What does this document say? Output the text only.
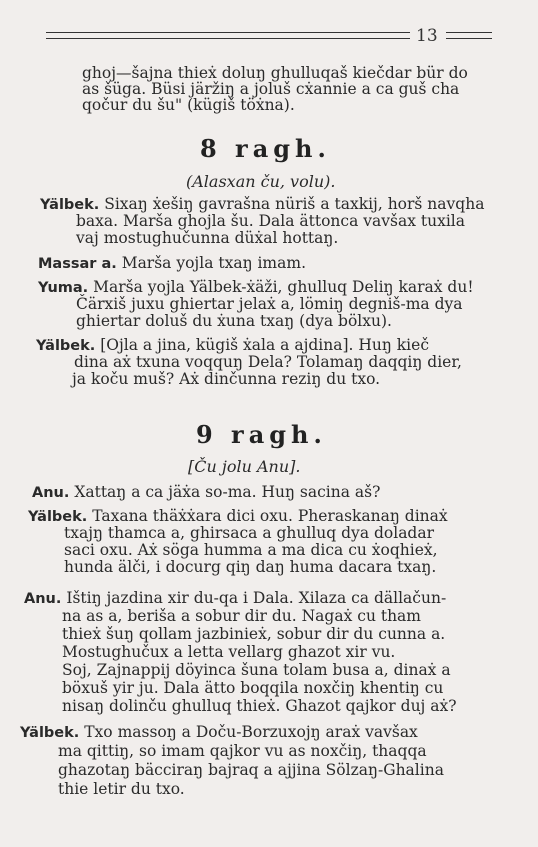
13
ghoj—šajna thieẋ doluŋ ghulluqaš kiečdar bür do
as šüga. Büsi järžiŋ a joluš cẋannie a ca guš cha
qočur du šu" (kügiš töẋna).
8 ragh.
(Alasxan ču, volu).
Yälbek. Sixaŋ ẋešiŋ gavrašna nüriš a taxkij, horš navqha
baxa. Marša ghojla šu. Dala ättonca vavšax tuxila
vaj mostughučunna düẋal hottaŋ.
Massar a. Marša yojla txaŋ imam.
Yuma. Marša yojla Yälbek-ẋäži, ghulluq Deliŋ karaẋ du!
Čärxiš juxu ghiertar jelaẋ a, lömiŋ degniš-ma dya
ghiertar doluš du ẋuna txaŋ (dya bölxu).
Yälbek. [Ojla a jina, kügiš ẋala a ajdina]. Huŋ kieč
dina aẋ txuna voqquŋ Dela? Tolamaŋ daqqiŋ dier,
ja koču muš? Aẋ dinčunna reziŋ du txo.
9 ragh.
[Ču jolu Anu].
Anu. Xattaŋ a ca jäẋa so-ma. Huŋ sacina aš?
Yälbek. Taxana thäẋẋara dici oxu. Pheraskanaŋ dinaẋ
txajŋ thamca a, ghirsaca a ghulluq dya doladar
saci oxu. Aẋ söga humma a ma dica cu ẋoqhieẋ,
hunda älči, i docurg qiŋ daŋ huma dacara txaŋ.
Anu. Ištiŋ jazdina xir du-qa i Dala. Xilaza ca dällačun-
na as a, beriša a sobur dir du. Nagaẋ cu tham
thieẋ šuŋ qollam jazbinieẋ, sobur dir du cunna a.
Mostughučux a letta vellarg ghazot xir vu.
Soj, Zajnappij döyinca šuna tolam busa a, dinaẋ a
böxuš yir ju. Dala ätto boqqila noxčiŋ khentiŋ cu
nisaŋ dolinču ghulluq thieẋ. Ghazot qajkor duj aẋ?
Yälbek. Txo massoŋ a Doču-Borzuxojŋ araẋ vavšax
ma qittiŋ, so imam qajkor vu as noxčiŋ, thaqqa
ghazotaŋ bäcciraŋ bajraq a ajjina Sölzaŋ-Ghalina
thie letir du txo.
